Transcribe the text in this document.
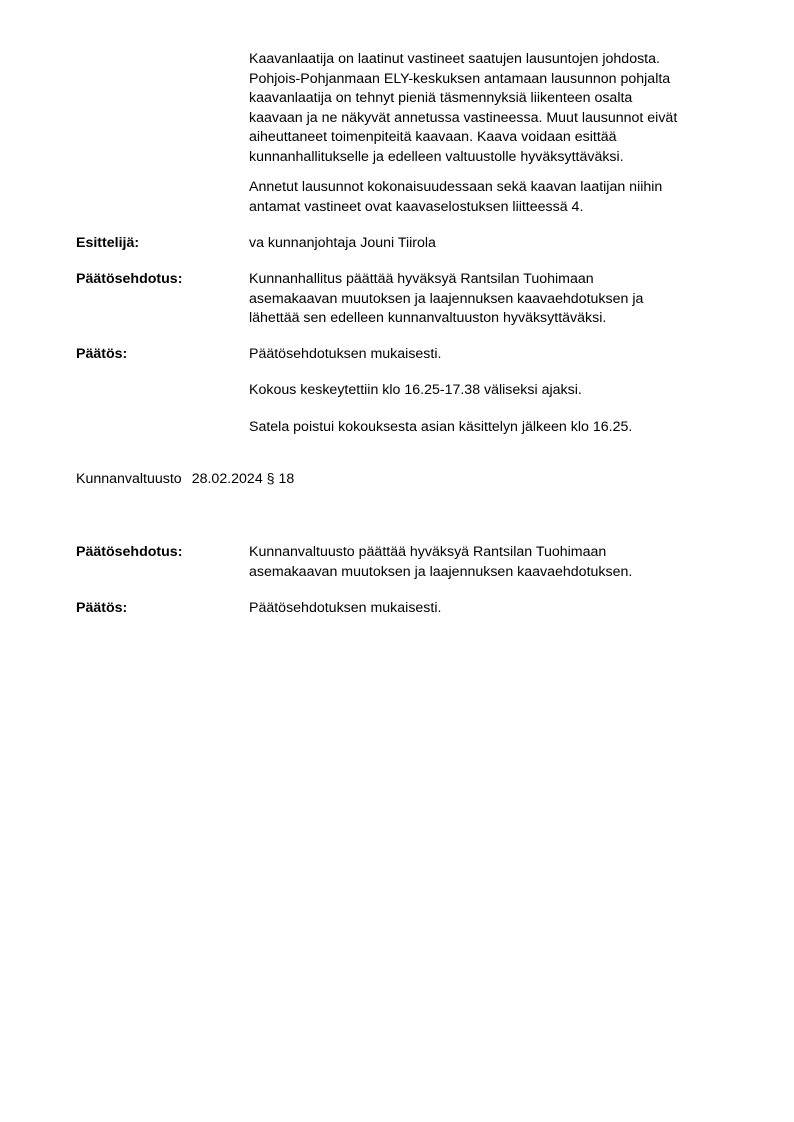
Kaavanlaatija on laatinut vastineet saatujen lausuntojen johdosta.
Pohjois-Pohjanmaan ELY-keskuksen antamaan lausunnon pohjalta
kaavanlaatija on tehnyt pieniä täsmennyksiä liikenteen osalta
kaavaan ja ne näkyvät annetussa vastineessa. Muut lausunnot eivät
aiheuttaneet toimenpiteitä kaavaan. Kaava voidaan esittää
kunnanhallitukselle ja edelleen valtuustolle hyväksyttäväksi.
Annetut lausunnot kokonaisuudessaan sekä kaavan laatijan niihin
antamat vastineet ovat kaavaselostuksen liitteessä 4.
Esittelijä:	va kunnanjohtaja Jouni Tiirola
Päätösehdotus:	Kunnanhallitus päättää hyväksyä Rantsilan Tuohimaan
asemakaavan muutoksen ja laajennuksen kaavaehdotuksen ja
lähettää sen edelleen kunnanvaltuuston hyväksyttäväksi.
Päätös:	Päätösehdotuksen mukaisesti.
Kokous keskeytettiin klo 16.25-17.38 väliseksi ajaksi.
Satela poistui kokouksesta asian käsittelyn jälkeen klo 16.25.
Kunnanvaltuusto 28.02.2024 § 18
Päätösehdotus:	Kunnanvaltuusto päättää hyväksyä Rantsilan Tuohimaan
asemakaavan muutoksen ja laajennuksen kaavaehdotuksen.
Päätös:	Päätösehdotuksen mukaisesti.
